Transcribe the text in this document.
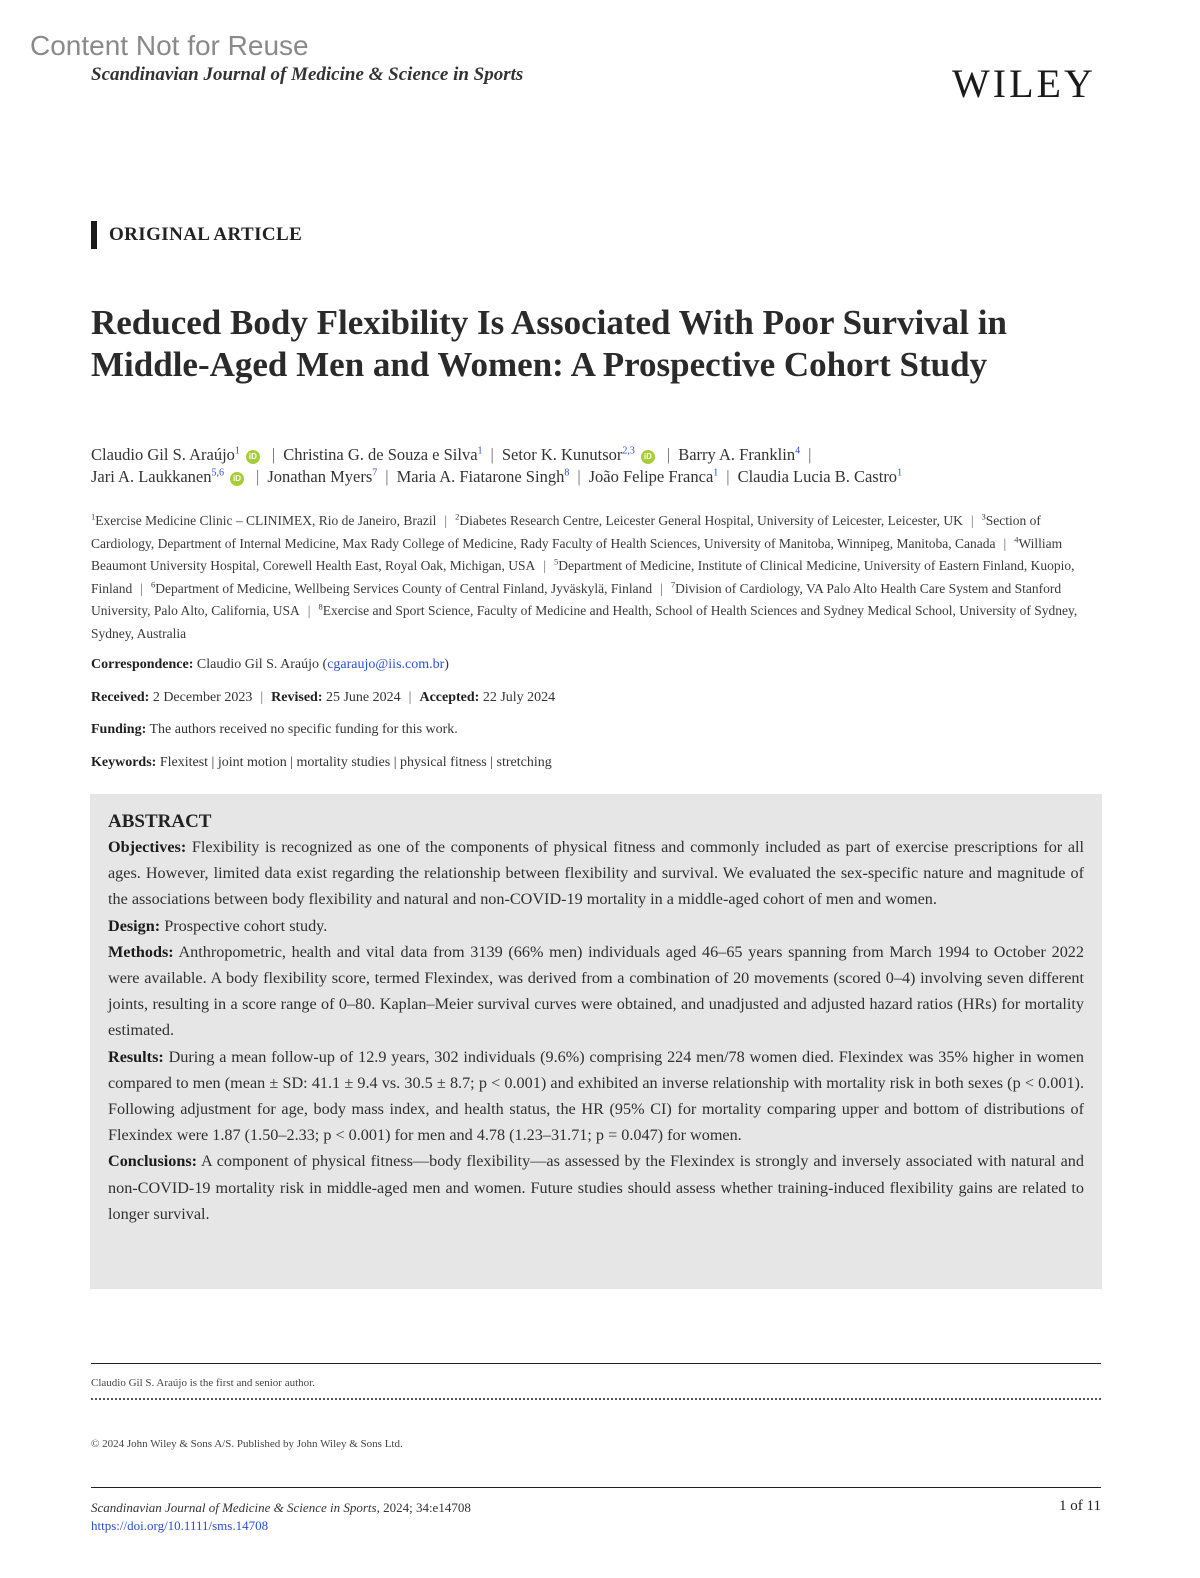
Content Not for Reuse
Scandinavian Journal of Medicine & Science in Sports	WILEY
ORIGINAL ARTICLE
Reduced Body Flexibility Is Associated With Poor Survival in Middle-Aged Men and Women: A Prospective Cohort Study
Claudio Gil S. Araújo$^1$ iD | Christina G. de Souza e Silva$^1$ | Setor K. Kunutsor$^{2,3}$ iD | Barry A. Franklin$^4$ |
Jari A. Laukkanen$^{5,6}$ iD | Jonathan Myers$^7$ | Maria A. Fiatarone Singh$^8$ | João Felipe Franca$^1$ | Claudia Lucia B. Castro$^1$
$^1$Exercise Medicine Clinic – CLINIMEX, Rio de Janeiro, Brazil | $^2$Diabetes Research Centre, Leicester General Hospital, University of Leicester, Leicester, UK | $^3$Section of Cardiology, Department of Internal Medicine, Max Rady College of Medicine, Rady Faculty of Health Sciences, University of Manitoba, Winnipeg, Manitoba, Canada | $^4$William Beaumont University Hospital, Corewell Health East, Royal Oak, Michigan, USA | $^5$Department of Medicine, Institute of Clinical Medicine, University of Eastern Finland, Kuopio, Finland | $^6$Department of Medicine, Wellbeing Services County of Central Finland, Jyväskylä, Finland | $^7$Division of Cardiology, VA Palo Alto Health Care System and Stanford University, Palo Alto, California, USA | $^8$Exercise and Sport Science, Faculty of Medicine and Health, School of Health Sciences and Sydney Medical School, University of Sydney, Sydney, Australia
Correspondence: Claudio Gil S. Araújo (cgaraujo@iis.com.br)
Received: 2 December 2023 | Revised: 25 June 2024 | Accepted: 22 July 2024
Funding: The authors received no specific funding for this work.
Keywords: Flexitest | joint motion | mortality studies | physical fitness | stretching
ABSTRACT

Objectives: Flexibility is recognized as one of the components of physical fitness and commonly included as part of exercise prescriptions for all ages. However, limited data exist regarding the relationship between flexibility and survival. We evaluated the sex-specific nature and magnitude of the associations between body flexibility and natural and non-COVID-19 mortality in a middle-aged cohort of men and women.

Design: Prospective cohort study.

Methods: Anthropometric, health and vital data from 3139 (66% men) individuals aged 46–65 years spanning from March 1994 to October 2022 were available. A body flexibility score, termed Flexindex, was derived from a combination of 20 movements (scored 0–4) involving seven different joints, resulting in a score range of 0–80. Kaplan–Meier survival curves were obtained, and unadjusted and adjusted hazard ratios (HRs) for mortality estimated.

Results: During a mean follow-up of 12.9 years, 302 individuals (9.6%) comprising 224 men/78 women died. Flexindex was 35% higher in women compared to men (mean ± SD: 41.1 ± 9.4 vs. 30.5 ± 8.7; p < 0.001) and exhibited an inverse relationship with mortality risk in both sexes (p < 0.001). Following adjustment for age, body mass index, and health status, the HR (95% CI) for mortality comparing upper and bottom of distributions of Flexindex were 1.87 (1.50–2.33; p < 0.001) for men and 4.78 (1.23–31.71; p = 0.047) for women.

Conclusions: A component of physical fitness—body flexibility—as assessed by the Flexindex is strongly and inversely associated with natural and non-COVID-19 mortality risk in middle-aged men and women. Future studies should assess whether training-induced flexibility gains are related to longer survival.

Claudio Gil S. Araújo is the first and senior author.
© 2024 John Wiley & Sons A/S. Published by John Wiley & Sons Ltd.
Scandinavian Journal of Medicine & Science in Sports, 2024; 34:e14708
https://doi.org/10.1111/sms.14708
1 of 11
